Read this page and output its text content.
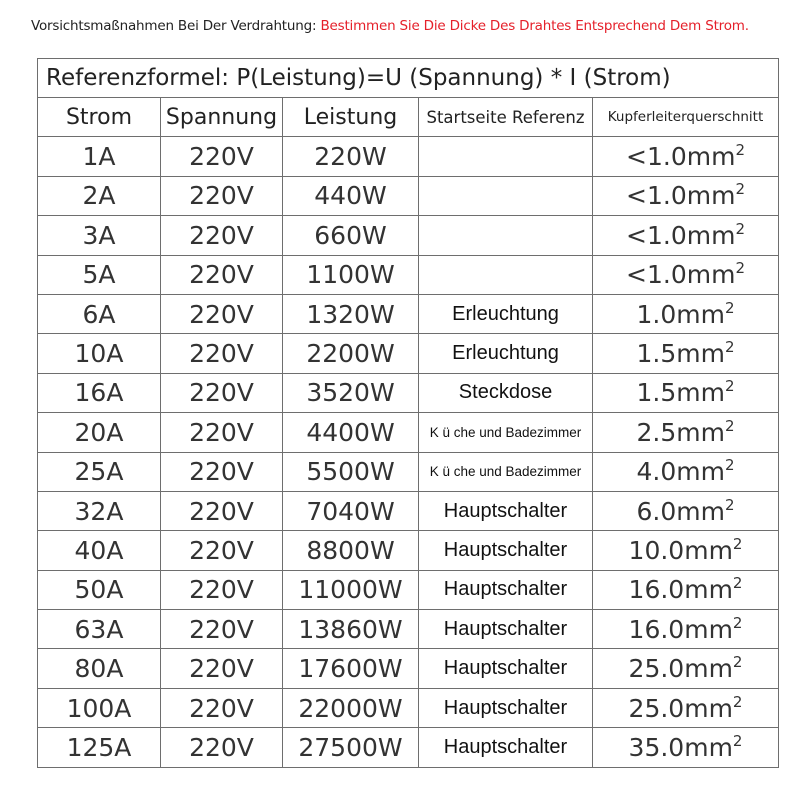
Vorsichtsmaßnahmen Bei Der Verdrahtung: Bestimmen Sie Die Dicke Des Drahtes Entsprechend Dem Strom.
Referenzformel: P(Leistung)=U (Spannung) * I (Strom)				
Strom	Spannung	Leistung	Startseite Referenz	Kupferleiterquerschnitt
1A	220V	220W		$<1.0mm^2$
2A	220V	440W		$<1.0mm^2$
3A	220V	660W		$<1.0mm^2$
5A	220V	1100W		$<1.0mm^2$
6A	220V	1320W	Erleuchtung	$1.0mm^2$
10A	220V	2200W	Erleuchtung	$1.5mm^2$
16A	220V	3520W	Steckdose	$1.5mm^2$
20A	220V	4400W	K ü che und Badezimmer	$2.5mm^2$
25A	220V	5500W	K ü che und Badezimmer	$4.0mm^2$
32A	220V	7040W	Hauptschalter	$6.0mm^2$
40A	220V	8800W	Hauptschalter	$10.0mm^2$
50A	220V	11000W	Hauptschalter	$16.0mm^2$
63A	220V	13860W	Hauptschalter	$16.0mm^2$
80A	220V	17600W	Hauptschalter	$25.0mm^2$
100A	220V	22000W	Hauptschalter	$25.0mm^2$
125A	220V	27500W	Hauptschalter	$35.0mm^2$
